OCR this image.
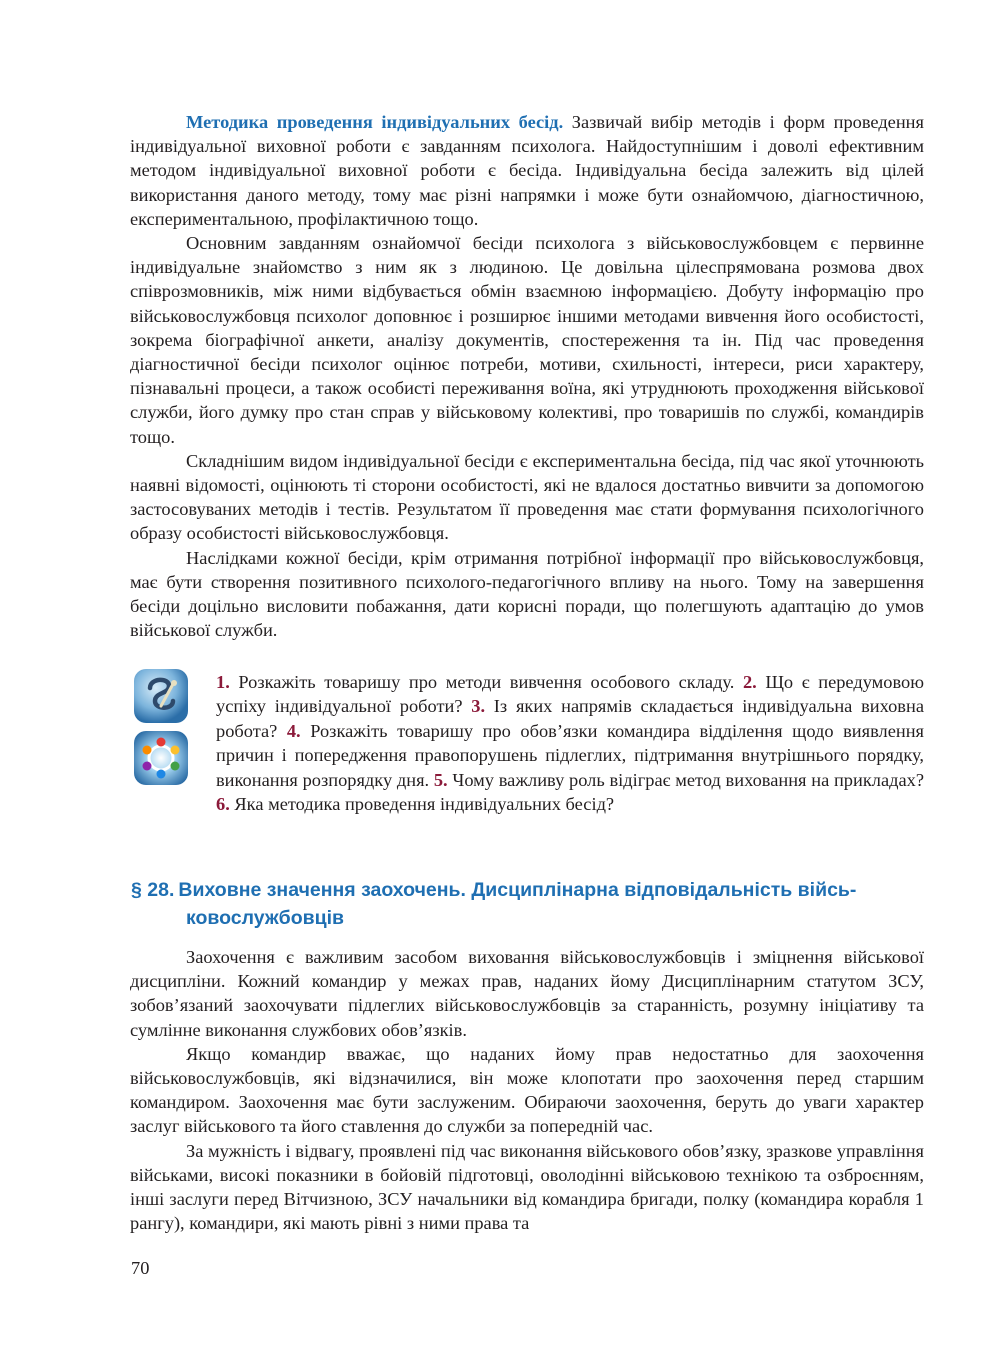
Методика проведення індивідуальних бесід. Зазвичай вибір методів і форм проведення індивідуальної виховної роботи є завданням психолога. Найдоступнішим і доволі ефективним методом індивідуальної виховної роботи є бесіда. Індивідуальна бесіда залежить від цілей використання даного методу, тому має різні напрямки і може бути ознайомчою, діагностичною, експериментальною, профілактичною тощо.

Основним завданням ознайомчої бесіди психолога з військовослужбовцем є первинне індивідуальне знайомство з ним як з людиною. Це довільна цілеспрямована розмова двох співрозмовників, між ними відбувається обмін взаємною інформацією. Добуту інформацію про військовослужбовця психолог доповнює і розширює іншими методами вивчення його особистості, зокрема біографічної анкети, аналізу документів, спостереження та ін. Під час проведення діагностичної бесіди психолог оцінює потреби, мотиви, схильності, інтереси, риси характеру, пізнавальні процеси, а також особисті переживання воїна, які утруднюють проходження військової служби, його думку про стан справ у військовому колективі, про товаришів по службі, командирів тощо.

Складнішим видом індивідуальної бесіди є експериментальна бесіда, під час якої уточнюють наявні відомості, оцінюють ті сторони особистості, які не вдалося достатньо вивчити за допомогою застосовуваних методів і тестів. Результатом її проведення має стати формування психологічного образу особистості військовослужбовця.

Наслідками кожної бесіди, крім отримання потрібної інформації про військовослужбовця, має бути створення позитивного психолого-педагогічного впливу на нього. Тому на завершення бесіди доцільно висловити побажання, дати корисні поради, що полегшують адаптацію до умов військової служби.

1. Розкажіть товаришу про методи вивчення особового складу. 2. Що є передумовою успіху індивідуальної роботи? 3. Із яких напрямів складається індивідуальна виховна робота? 4. Розкажіть товаришу про обов’язки командира відділення щодо виявлення причин і попередження правопорушень підлеглих, підтримання внутрішнього порядку, виконання розпорядку дня. 5. Чому важливу роль відіграє метод виховання на прикладах? 6. Яка методика проведення індивідуальних бесід?

§ 28. Виховне значення заохочень. Дисциплінарна відповідальність війсь-
ковослужбовців

Заохочення є важливим засобом виховання військовослужбовців і зміцнення військової дисципліни. Кожний командир у межах прав, наданих йому Дисциплінарним статутом ЗСУ, зобов’язаний заохочувати підлеглих військовослужбовців за старанність, розумну ініціативу та сумлінне виконання службових обов’язків.

Якщо командир вважає, що наданих йому прав недостатньо для заохочення військовослужбовців, які відзначилися, він може клопотати про заохочення перед старшим командиром. Заохочення має бути заслуженим. Обираючи заохочення, беруть до уваги характер заслуг військового та його ставлення до служби за попередній час.

За мужність і відвагу, проявлені під час виконання військового обов’язку, зразкове управління військами, високі показники в бойовій підготовці, оволодінні військовою технікою та озброєнням, інші заслуги перед Вітчизною, ЗСУ начальники від командира бригади, полку (командира корабля 1 рангу), командири, які мають рівні з ними права та

70
